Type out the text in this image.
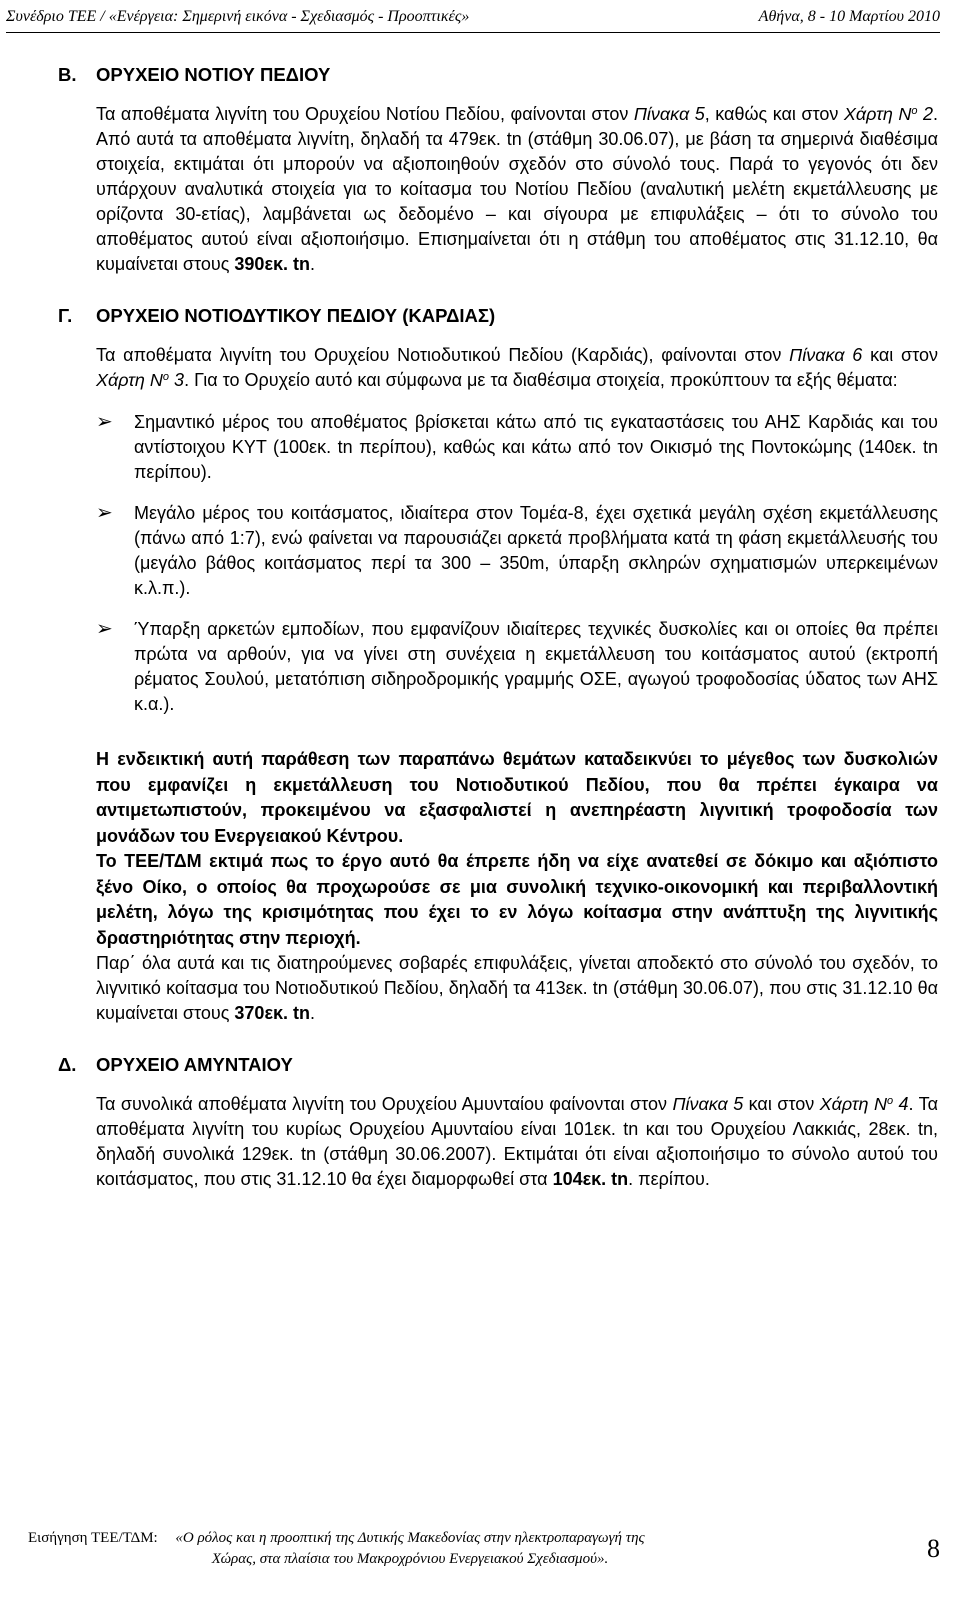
Συνέδριο ΤΕΕ / «Ενέργεια: Σημερινή εικόνα - Σχεδιασμός - Προοπτικές»	Αθήνα, 8 - 10 Μαρτίου 2010
Β. ΟΡΥΧΕΙΟ ΝΟΤΙΟΥ ΠΕΔΙΟΥ

Τα αποθέματα λιγνίτη του Ορυχείου Νοτίου Πεδίου, φαίνονται στον Πίνακα 5, καθώς και στον Χάρτη $N^o$ 2. Από αυτά τα αποθέματα λιγνίτη, δηλαδή τα 479εκ. tn (στάθμη 30.06.07), με βάση τα σημερινά διαθέσιμα στοιχεία, εκτιμάται ότι μπορούν να αξιοποιηθούν σχεδόν στο σύνολό τους. Παρά το γεγονός ότι δεν υπάρχουν αναλυτικά στοιχεία για το κοίτασμα του Νοτίου Πεδίου (αναλυτική μελέτη εκμετάλλευσης με ορίζοντα 30-ετίας), λαμβάνεται ως δεδομένο – και σίγουρα με επιφυλάξεις – ότι το σύνολο του αποθέματος αυτού είναι αξιοποιήσιμο. Επισημαίνεται ότι η στάθμη του αποθέματος στις 31.12.10, θα κυμαίνεται στους 390εκ. tn.

Γ. ΟΡΥΧΕΙΟ ΝΟΤΙΟΔΥΤΙΚΟΥ ΠΕΔΙΟΥ (ΚΑΡΔΙΑΣ)

Τα αποθέματα λιγνίτη του Ορυχείου Νοτιοδυτικού Πεδίου (Καρδιάς), φαίνονται στον Πίνακα 6 και στον Χάρτη $N^o$ 3. Για το Ορυχείο αυτό και σύμφωνα με τα διαθέσιμα στοιχεία, προκύπτουν τα εξής θέματα:

➢ Σημαντικό μέρος του αποθέματος βρίσκεται κάτω από τις εγκαταστάσεις του ΑΗΣ Καρδιάς και του αντίστοιχου ΚΥΤ (100εκ. tn περίπου), καθώς και κάτω από τον Οικισμό της Ποντοκώμης (140εκ. tn περίπου).
➢ Μεγάλο μέρος του κοιτάσματος, ιδιαίτερα στον Τομέα-8, έχει σχετικά μεγάλη σχέση εκμετάλλευσης (πάνω από 1:7), ενώ φαίνεται να παρουσιάζει αρκετά προβλήματα κατά τη φάση εκμετάλλευσής του (μεγάλο βάθος κοιτάσματος περί τα 300 – 350m, ύπαρξη σκληρών σχηματισμών υπερκειμένων κ.λ.π.).
➢ Ύπαρξη αρκετών εμποδίων, που εμφανίζουν ιδιαίτερες τεχνικές δυσκολίες και οι οποίες θα πρέπει πρώτα να αρθούν, για να γίνει στη συνέχεια η εκμετάλλευση του κοιτάσματος αυτού (εκτροπή ρέματος Σουλού, μετατόπιση σιδηροδρομικής γραμμής ΟΣΕ, αγωγού τροφοδοσίας ύδατος των ΑΗΣ κ.α.).

Η ενδεικτική αυτή παράθεση των παραπάνω θεμάτων καταδεικνύει το μέγεθος των δυσκολιών που εμφανίζει η εκμετάλλευση του Νοτιοδυτικού Πεδίου, που θα πρέπει έγκαιρα να αντιμετωπιστούν, προκειμένου να εξασφαλιστεί η ανεπηρέαστη λιγνιτική τροφοδοσία των μονάδων του Ενεργειακού Κέντρου.

Το ΤΕΕ/ΤΔΜ εκτιμά πως το έργο αυτό θα έπρεπε ήδη να είχε ανατεθεί σε δόκιμο και αξιόπιστο ξένο Οίκο, ο οποίος θα προχωρούσε σε μια συνολική τεχνικο-οικονομική και περιβαλλοντική μελέτη, λόγω της κρισιμότητας που έχει το εν λόγω κοίτασμα στην ανάπτυξη της λιγνιτικής δραστηριότητας στην περιοχή.

Παρ΄ όλα αυτά και τις διατηρούμενες σοβαρές επιφυλάξεις, γίνεται αποδεκτό στο σύνολό του σχεδόν, το λιγνιτικό κοίτασμα του Νοτιοδυτικού Πεδίου, δηλαδή τα 413εκ. tn (στάθμη 30.06.07), που στις 31.12.10 θα κυμαίνεται στους 370εκ. tn.

Δ. ΟΡΥΧΕΙΟ ΑΜΥΝΤΑΙΟΥ

Τα συνολικά αποθέματα λιγνίτη του Ορυχείου Αμυνταίου φαίνονται στον Πίνακα 5 και στον Χάρτη $N^o$ 4. Τα αποθέματα λιγνίτη του κυρίως Ορυχείου Αμυνταίου είναι 101εκ. tn και του Ορυχείου Λακκιάς, 28εκ. tn, δηλαδή συνολικά 129εκ. tn (στάθμη 30.06.2007). Εκτιμάται ότι είναι αξιοποιήσιμο το σύνολο αυτού του κοιτάσματος, που στις 31.12.10 θα έχει διαμορφωθεί στα 104εκ. tn. περίπου.

Εισήγηση ΤΕΕ/ΤΔΜ:	«Ο ρόλος και η προοπτική της Δυτικής Μακεδονίας στην ηλεκτροπαραγωγή της
Χώρας, στα πλαίσια του Μακροχρόνιου Ενεργειακού Σχεδιασμού».	8
